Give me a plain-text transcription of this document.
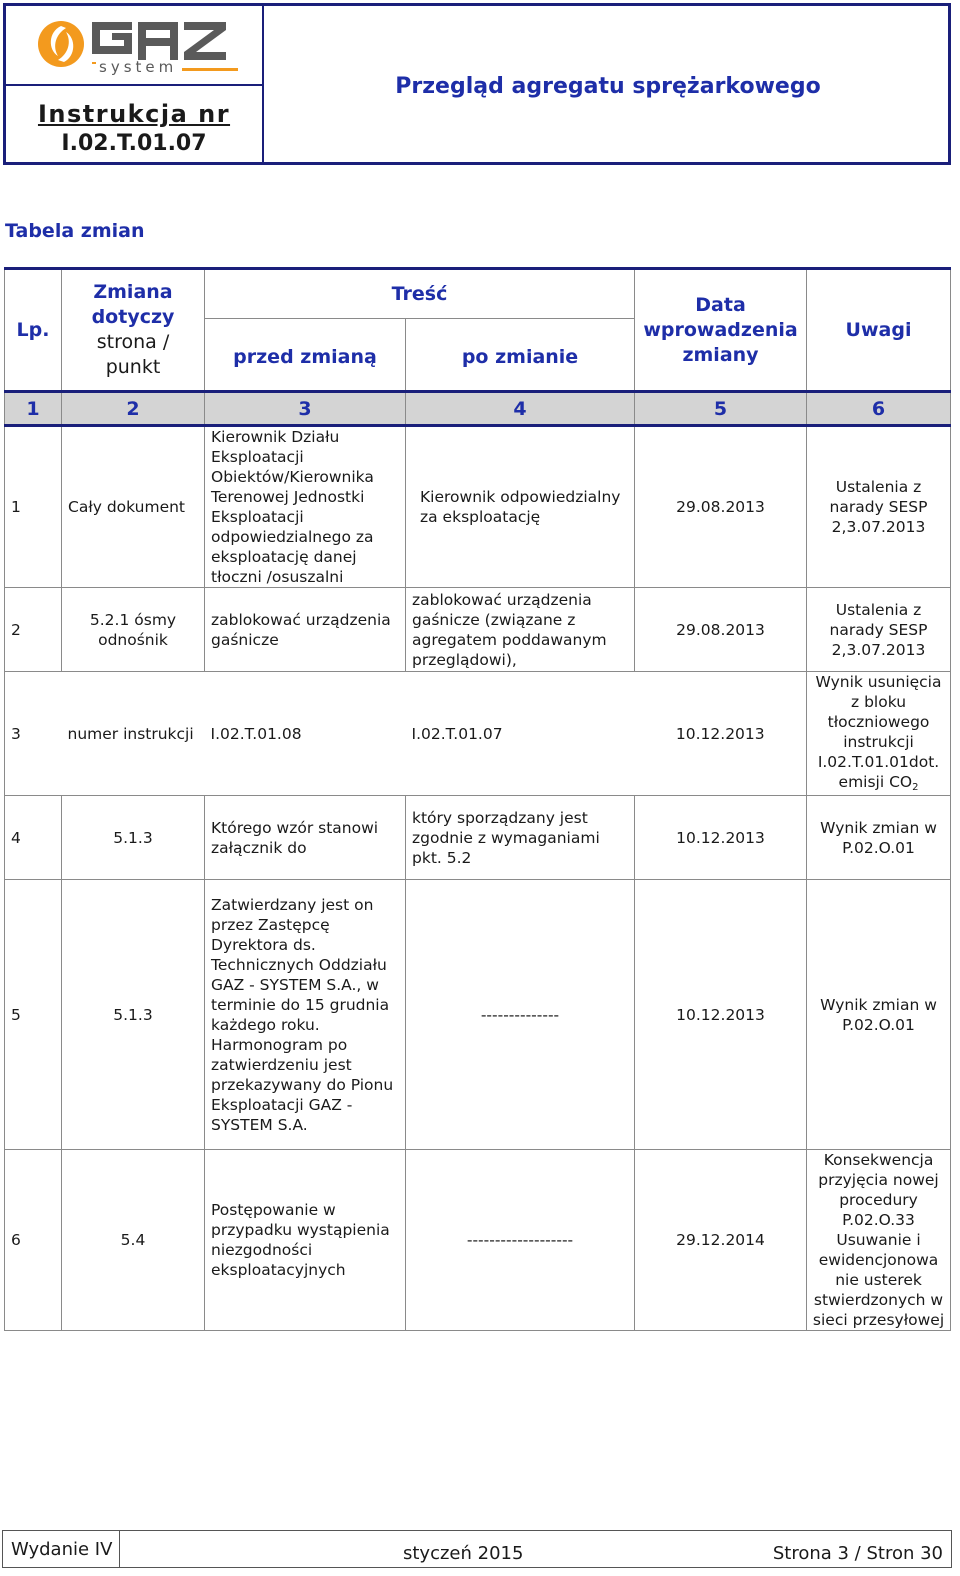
system
Instrukcja nr
I.02.T.01.07
Przegląd agregatu sprężarkowego
Tabela zmian
Lp.	Zmiana dotyczy
strona / punkt	Treść		Data wprowadzenia zmiany	Uwagi
		przed zmianą	po zmianie		
1	2	3	4	5	6
1	Cały dokument	Kierownik Działu Eksploatacji Obiektów/Kierownika Terenowej Jednostki Eksploatacji odpowiedzialnego za eksploatację danej tłoczni /osuszalni	Kierownik odpowiedzialny za eksploatację	29.08.2013	Ustalenia z narady SESP 2,3.07.2013
2	5.2.1 ósmy odnośnik	zablokować urządzenia gaśnicze	zablokować urządzenia gaśnicze (związane z agregatem poddawanym przeglądowi),	29.08.2013	Ustalenia z narady SESP 2,3.07.2013
3	numer instrukcji	I.02.T.01.08	I.02.T.01.07	10.12.2013	Wynik usunięcia z bloku tłoczniowego instrukcji I.02.T.01.01dot. emisji CO2
4	5.1.3	Którego wzór stanowi załącznik do	który sporządzany jest zgodnie z wymaganiami pkt. 5.2	10.12.2013	Wynik zmian w P.02.O.01
5	5.1.3	Zatwierdzany jest on przez Zastępcę Dyrektora ds. Technicznych Oddziału GAZ - SYSTEM S.A., w terminie do 15 grudnia każdego roku. Harmonogram po zatwierdzeniu jest przekazywany do Pionu Eksploatacji GAZ - SYSTEM S.A.	--------------	10.12.2013	Wynik zmian w P.02.O.01
6	5.4	Postępowanie w przypadku wystąpienia niezgodności eksploatacyjnych	-------------------	29.12.2014	Konsekwencja przyjęcia nowej procedury P.02.O.33 Usuwanie i ewidencjonowa nie usterek stwierdzonych w sieci przesyłowej
Wydanie IV	styczeń 2015	Strona 3 / Stron 30
